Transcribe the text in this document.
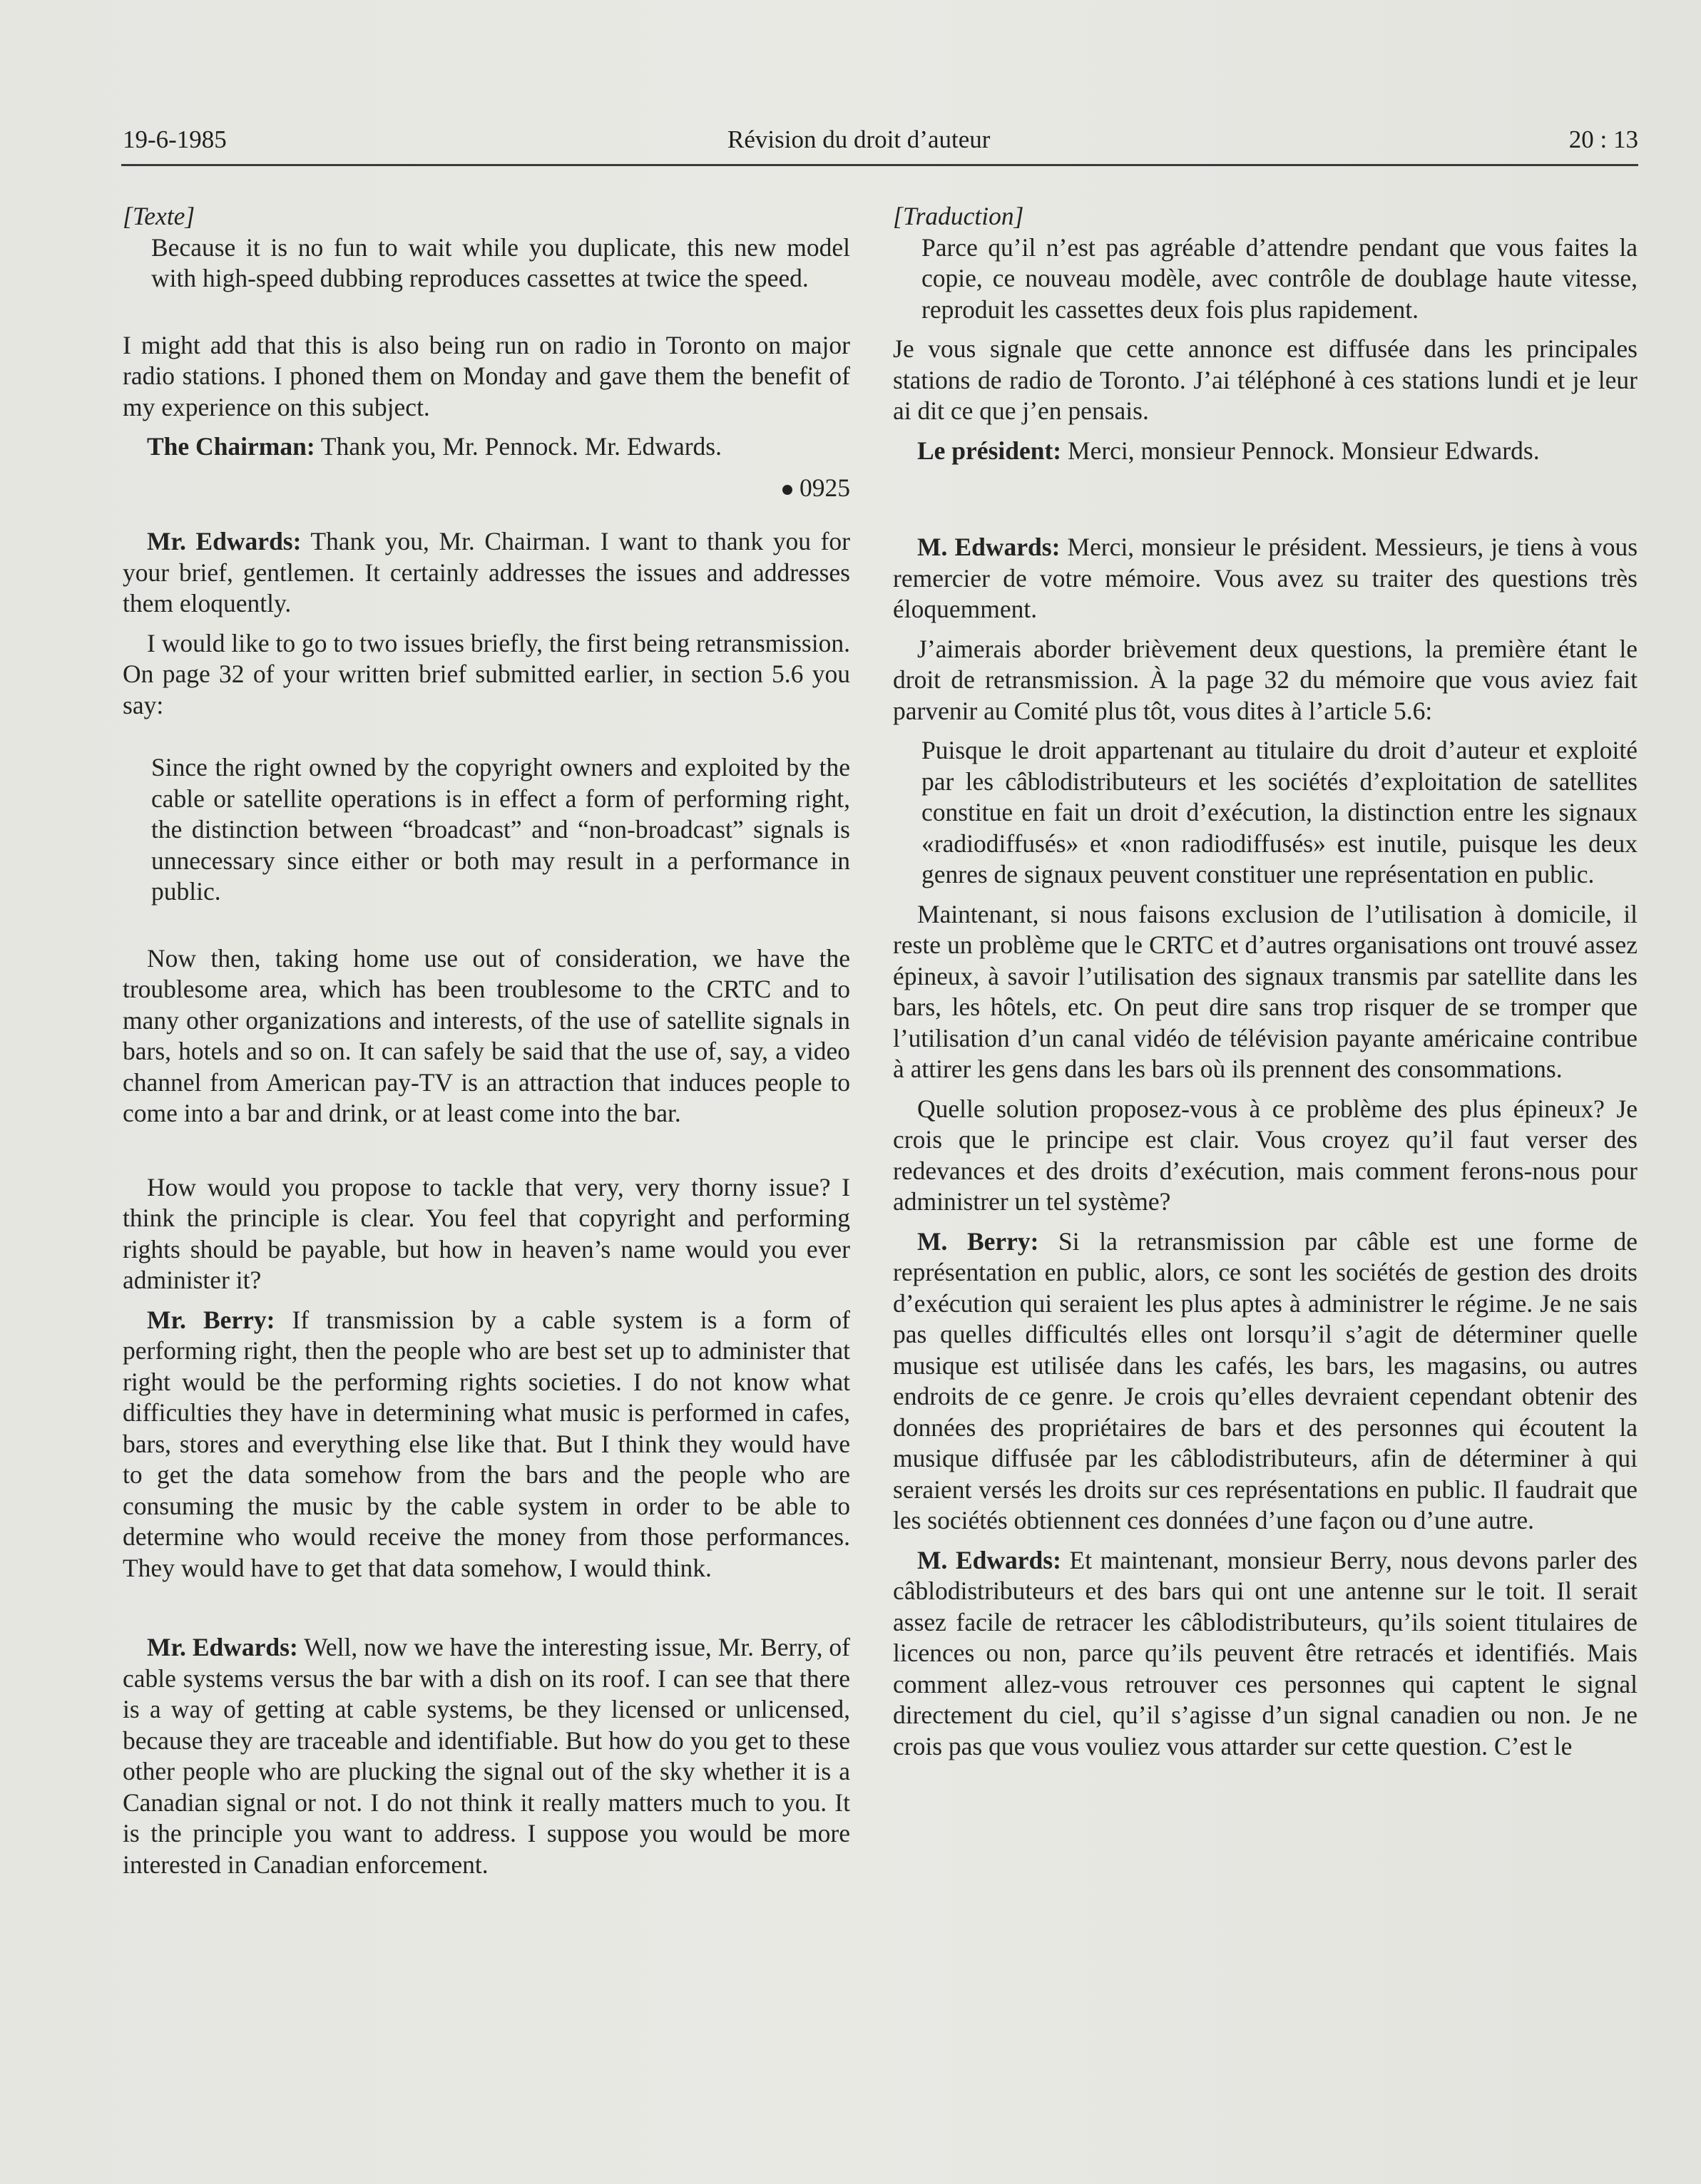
19-6-1985	Révision du droit d’auteur	20 : 13

[Texte]

Because it is no fun to wait while you duplicate, this new model with high-speed dubbing reproduces cassettes at twice the speed.

I might add that this is also being run on radio in Toronto on major radio stations. I phoned them on Monday and gave them the benefit of my experience on this subject.

The Chairman: Thank you, Mr. Pennock. Mr. Edwards.

0925

Mr. Edwards: Thank you, Mr. Chairman. I want to thank you for your brief, gentlemen. It certainly addresses the issues and addresses them eloquently.

I would like to go to two issues briefly, the first being retransmission. On page 32 of your written brief submitted earlier, in section 5.6 you say:

Since the right owned by the copyright owners and exploited by the cable or satellite operations is in effect a form of performing right, the distinction between “broadcast” and “non-broadcast” signals is unnecessary since either or both may result in a performance in public.

Now then, taking home use out of consideration, we have the troublesome area, which has been troublesome to the CRTC and to many other organizations and interests, of the use of satellite signals in bars, hotels and so on. It can safely be said that the use of, say, a video channel from American pay-TV is an attraction that induces people to come into a bar and drink, or at least come into the bar.

How would you propose to tackle that very, very thorny issue? I think the principle is clear. You feel that copyright and performing rights should be payable, but how in heaven’s name would you ever administer it?

Mr. Berry: If transmission by a cable system is a form of performing right, then the people who are best set up to administer that right would be the performing rights societies. I do not know what difficulties they have in determining what music is performed in cafes, bars, stores and everything else like that. But I think they would have to get the data somehow from the bars and the people who are consuming the music by the cable system in order to be able to determine who would receive the money from those performances. They would have to get that data somehow, I would think.

Mr. Edwards: Well, now we have the interesting issue, Mr. Berry, of cable systems versus the bar with a dish on its roof. I can see that there is a way of getting at cable systems, be they licensed or unlicensed, because they are traceable and identifiable. But how do you get to these other people who are plucking the signal out of the sky whether it is a Canadian signal or not. I do not think it really matters much to you. It is the principle you want to address. I suppose you would be more interested in Canadian enforcement.

[Traduction]

Parce qu’il n’est pas agréable d’attendre pendant que vous faites la copie, ce nouveau modèle, avec contrôle de doublage haute vitesse, reproduit les cassettes deux fois plus rapidement.

Je vous signale que cette annonce est diffusée dans les principales stations de radio de Toronto. J’ai téléphoné à ces stations lundi et je leur ai dit ce que j’en pensais.

Le président: Merci, monsieur Pennock. Monsieur Edwards.

M. Edwards: Merci, monsieur le président. Messieurs, je tiens à vous remercier de votre mémoire. Vous avez su traiter des questions très éloquemment.

J’aimerais aborder brièvement deux questions, la première étant le droit de retransmission. À la page 32 du mémoire que vous aviez fait parvenir au Comité plus tôt, vous dites à l’article 5.6:

Puisque le droit appartenant au titulaire du droit d’auteur et exploité par les câblodistributeurs et les sociétés d’exploitation de satellites constitue en fait un droit d’exécution, la distinction entre les signaux «radiodiffusés» et «non radiodiffusés» est inutile, puisque les deux genres de signaux peuvent constituer une représentation en public.

Maintenant, si nous faisons exclusion de l’utilisation à domicile, il reste un problème que le CRTC et d’autres organisations ont trouvé assez épineux, à savoir l’utilisation des signaux transmis par satellite dans les bars, les hôtels, etc. On peut dire sans trop risquer de se tromper que l’utilisation d’un canal vidéo de télévision payante américaine contribue à attirer les gens dans les bars où ils prennent des consommations.

Quelle solution proposez-vous à ce problème des plus épineux? Je crois que le principe est clair. Vous croyez qu’il faut verser des redevances et des droits d’exécution, mais comment ferons-nous pour administrer un tel système?

M. Berry: Si la retransmission par câble est une forme de représentation en public, alors, ce sont les sociétés de gestion des droits d’exécution qui seraient les plus aptes à administrer le régime. Je ne sais pas quelles difficultés elles ont lorsqu’il s’agit de déterminer quelle musique est utilisée dans les cafés, les bars, les magasins, ou autres endroits de ce genre. Je crois qu’elles devraient cependant obtenir des données des propriétaires de bars et des personnes qui écoutent la musique diffusée par les câblodistributeurs, afin de déterminer à qui seraient versés les droits sur ces représentations en public. Il faudrait que les sociétés obtiennent ces données d’une façon ou d’une autre.

M. Edwards: Et maintenant, monsieur Berry, nous devons parler des câblodistributeurs et des bars qui ont une antenne sur le toit. Il serait assez facile de retracer les câblodistributeurs, qu’ils soient titulaires de licences ou non, parce qu’ils peuvent être retracés et identifiés. Mais comment allez-vous retrouver ces personnes qui captent le signal directement du ciel, qu’il s’agisse d’un signal canadien ou non. Je ne crois pas que vous vouliez vous attarder sur cette question. C’est le
